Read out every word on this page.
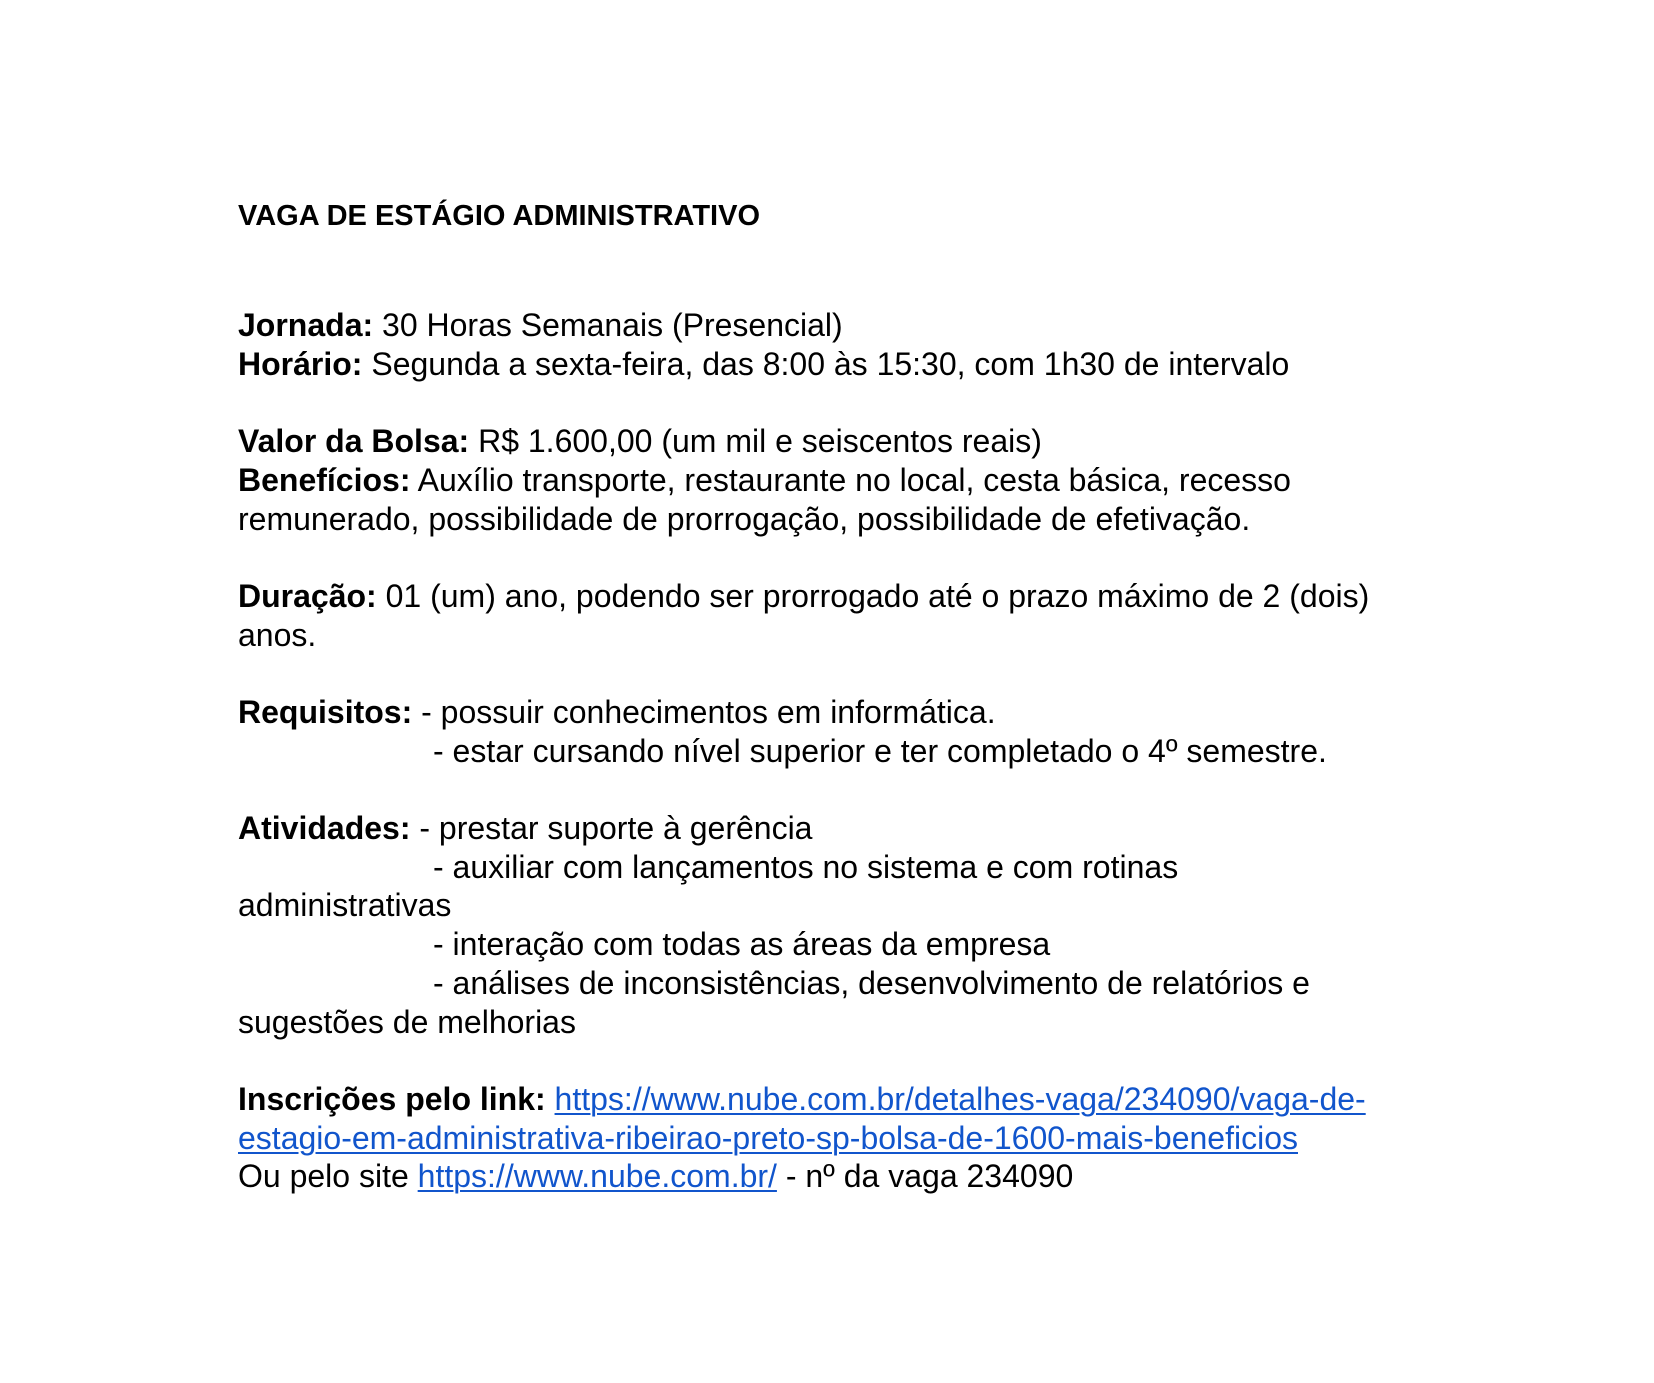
VAGA DE ESTÁGIO ADMINISTRATIVO
Jornada: 30 Horas Semanais (Presencial)
Horário: Segunda a sexta-feira, das 8:00 às 15:30, com 1h30 de intervalo
Valor da Bolsa: R$ 1.600,00 (um mil e seiscentos reais)
Benefícios: Auxílio transporte, restaurante no local, cesta básica, recesso
remunerado, possibilidade de prorrogação, possibilidade de efetivação.
Duração: 01 (um) ano, podendo ser prorrogado até o prazo máximo de 2 (dois)
anos.
Requisitos: - possuir conhecimentos em informática.
- estar cursando nível superior e ter completado o 4º semestre.
Atividades: - prestar suporte à gerência
- auxiliar com lançamentos no sistema e com rotinas
administrativas
- interação com todas as áreas da empresa
- análises de inconsistências, desenvolvimento de relatórios e
sugestões de melhorias
Inscrições pelo link: https://www.nube.com.br/detalhes-vaga/234090/vaga-de-
estagio-em-administrativa-ribeirao-preto-sp-bolsa-de-1600-mais-beneficios
Ou pelo site https://www.nube.com.br/ - nº da vaga 234090
